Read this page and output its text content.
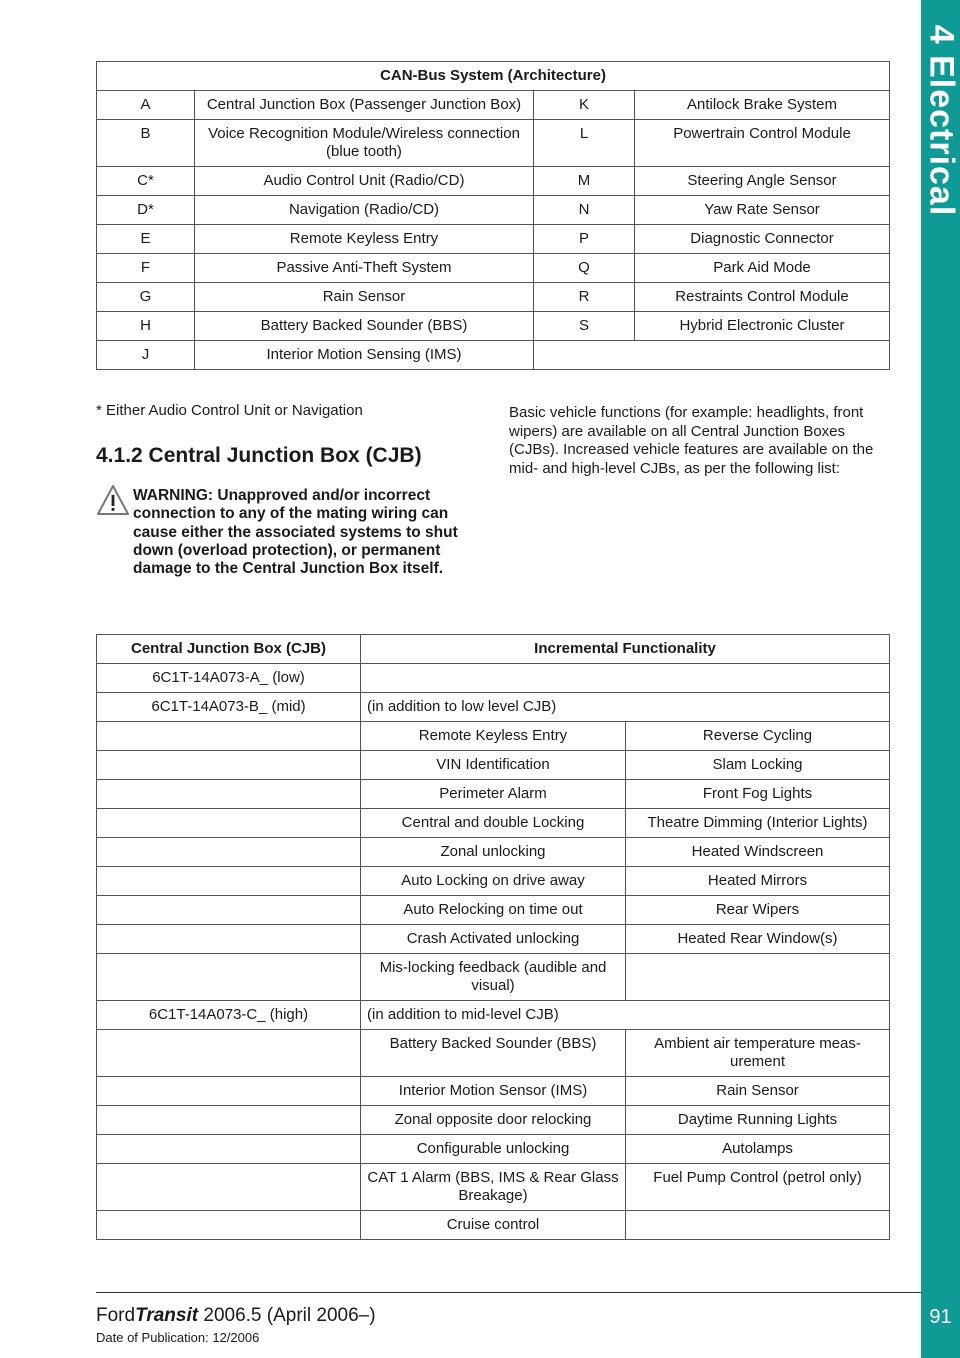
4 Electrical
91
CAN-Bus System (Architecture)			
A	Central Junction Box (Passenger Junction Box)	K	Antilock Brake System
B	Voice Recognition Module/Wireless connection (blue tooth)	L	Powertrain Control Module
C*	Audio Control Unit (Radio/CD)	M	Steering Angle Sensor
D*	Navigation (Radio/CD)	N	Yaw Rate Sensor
E	Remote Keyless Entry	P	Diagnostic Connector
F	Passive Anti-Theft System	Q	Park Aid Mode
G	Rain Sensor	R	Restraints Control Module
H	Battery Backed Sounder (BBS)	S	Hybrid Electronic Cluster
J	Interior Motion Sensing (IMS)		
* Either Audio Control Unit or Navigation
4.1.2 Central Junction Box (CJB)
WARNING: Unapproved and/or incorrect connection to any of the mating wiring can cause either the associated systems to shut down (overload protection), or permanent damage to the Central Junction Box itself.
Basic vehicle functions (for example: headlights, front wipers) are available on all Central Junction Boxes (CJBs). Increased vehicle features are available on the mid- and high-level CJBs, as per the following list:
Central Junction Box (CJB)	Incremental Functionality	
6C1T-14A073-A_ (low)		
6C1T-14A073-B_ (mid)	(in addition to low level CJB)	
	Remote Keyless Entry	Reverse Cycling
	VIN Identification	Slam Locking
	Perimeter Alarm	Front Fog Lights
	Central and double Locking	Theatre Dimming (Interior Lights)
	Zonal unlocking	Heated Windscreen
	Auto Locking on drive away	Heated Mirrors
	Auto Relocking on time out	Rear Wipers
	Crash Activated unlocking	Heated Rear Window(s)
	Mis-locking feedback (audible and visual)	
6C1T-14A073-C_ (high)	(in addition to mid-level CJB)	
	Battery Backed Sounder (BBS)	Ambient air temperature meas-urement
	Interior Motion Sensor (IMS)	Rain Sensor
	Zonal opposite door relocking	Daytime Running Lights
	Configurable unlocking	Autolamps
	CAT 1 Alarm (BBS, IMS & Rear Glass Breakage)	Fuel Pump Control (petrol only)
	Cruise control	
FordTransit 2006.5 (April 2006–)
Date of Publication: 12/2006
